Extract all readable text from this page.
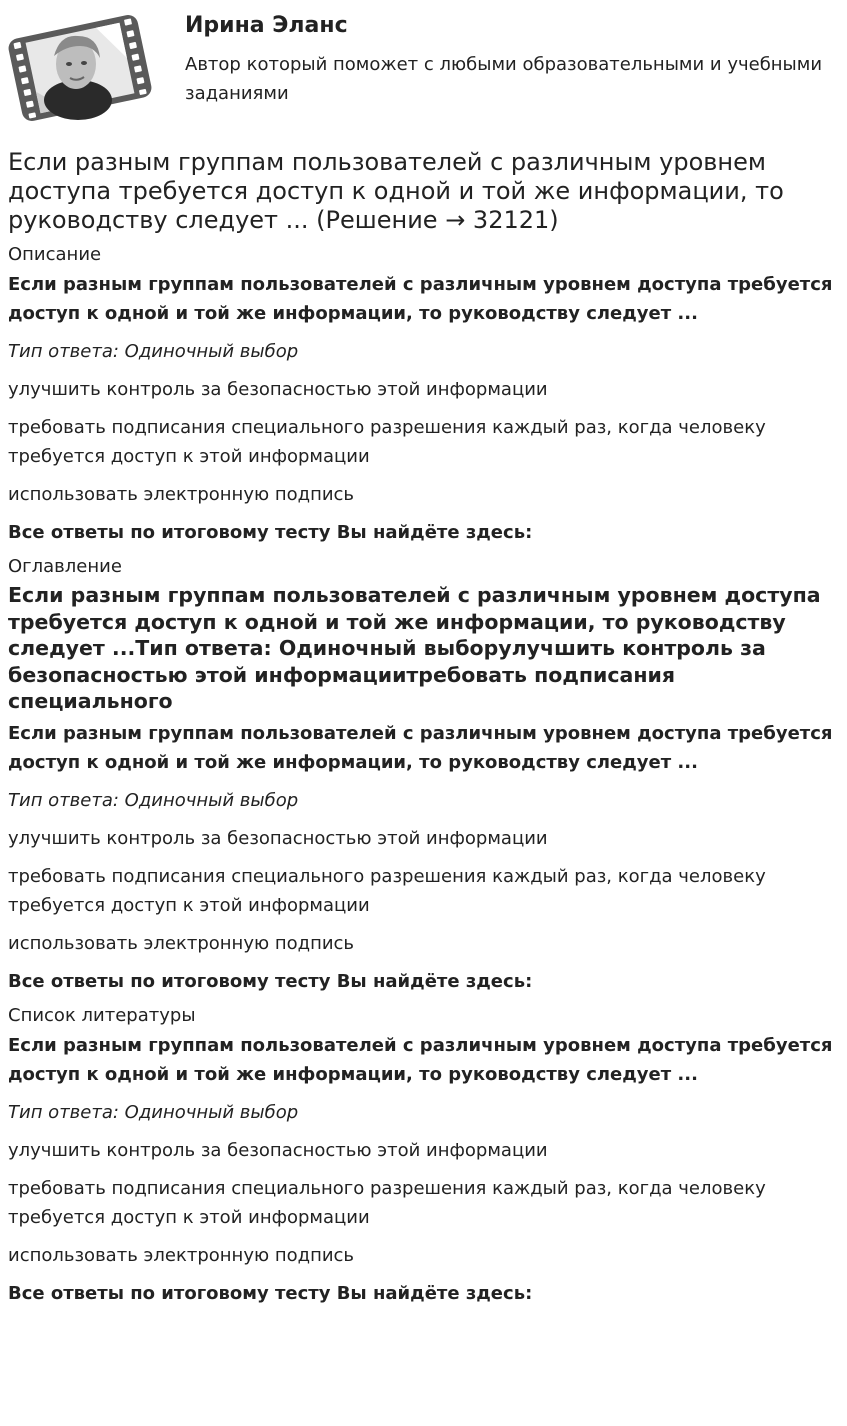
Ирина Эланс
Автор который поможет с любыми образовательными и учебными заданиями
Если разным группам пользователей с различным уровнем доступа требуется доступ к одной и той же информации, то руководству следует ... (Решение → 32121)
Описание
Если разным группам пользователей с различным уровнем доступа требуется доступ к одной и той же информации, то руководству следует ...
Тип ответа: Одиночный выбор
улучшить контроль за безопасностью этой информации
требовать подписания специального разрешения каждый раз, когда человеку требуется доступ к этой информации
использовать электронную подпись
Все ответы по итоговому тесту Вы найдёте здесь:
Оглавление
Если разным группам пользователей с различным уровнем доступа требуется доступ к одной и той же информации, то руководству следует ...Тип ответа: Одиночный выборулучшить контроль за безопасностью этой информациитребовать подписания специального
Если разным группам пользователей с различным уровнем доступа требуется доступ к одной и той же информации, то руководству следует ...
Тип ответа: Одиночный выбор
улучшить контроль за безопасностью этой информации
требовать подписания специального разрешения каждый раз, когда человеку требуется доступ к этой информации
использовать электронную подпись
Все ответы по итоговому тесту Вы найдёте здесь:
Список литературы
Если разным группам пользователей с различным уровнем доступа требуется доступ к одной и той же информации, то руководству следует ...
Тип ответа: Одиночный выбор
улучшить контроль за безопасностью этой информации
требовать подписания специального разрешения каждый раз, когда человеку требуется доступ к этой информации
использовать электронную подпись
Все ответы по итоговому тесту Вы найдёте здесь:
